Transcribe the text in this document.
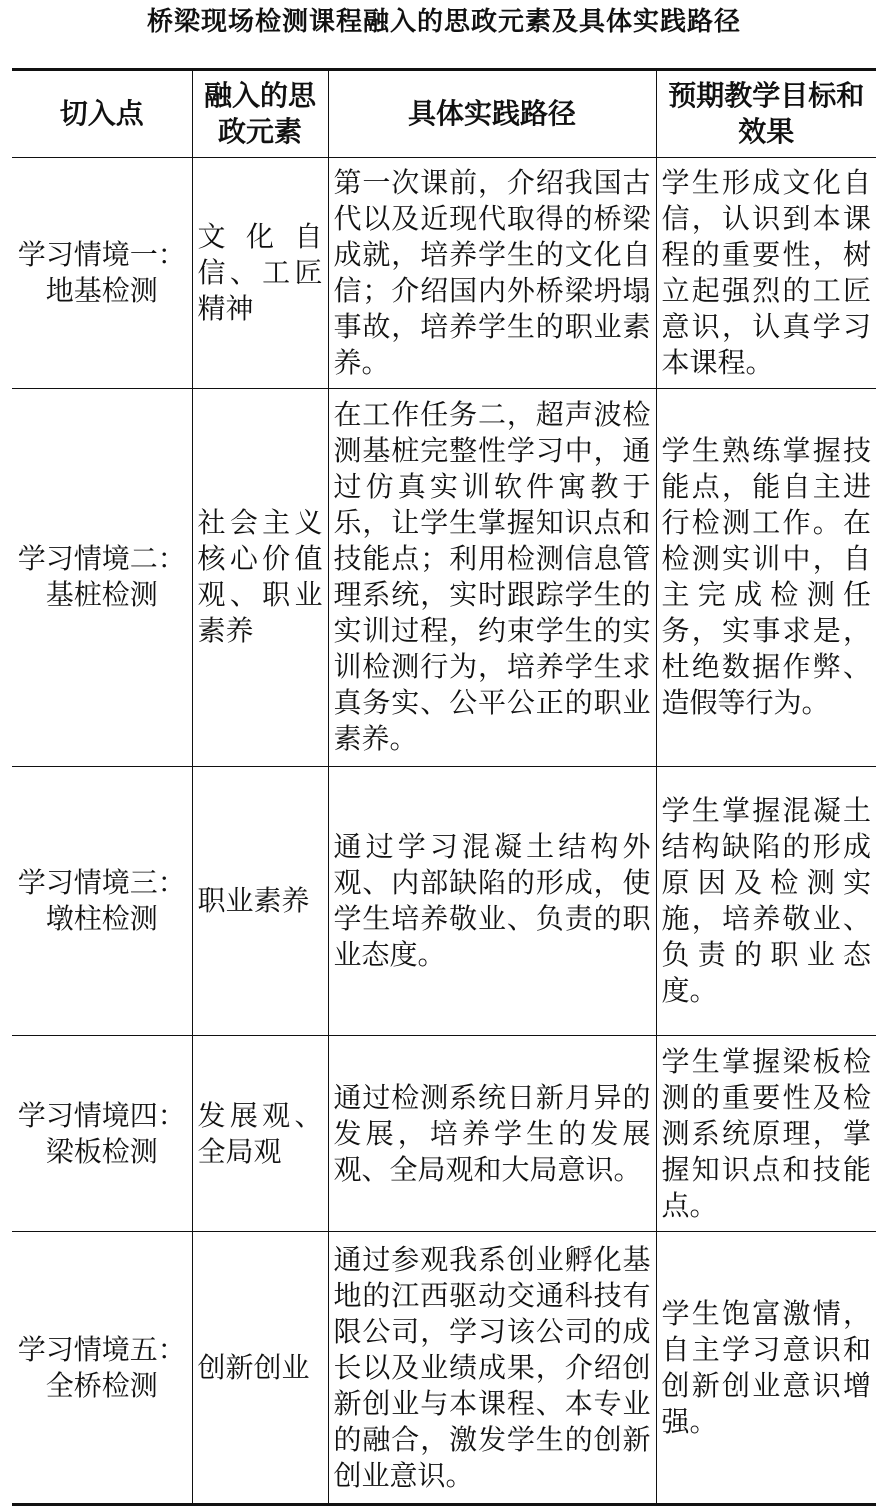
桥梁现场检测课程融入的思政元素及具体实践路径
切入点	融入的思政元素	具体实践路径	预期教学目标和效果
学习情境一：地基检测	文化自信、工匠精神	第一次课前，介绍我国古代以及近现代取得的桥梁成就，培养学生的文化自信；介绍国内外桥梁坍塌事故，培养学生的职业素养。	学生形成文化自信，认识到本课程的重要性，树立起强烈的工匠意识，认真学习本课程。
学习情境二：基桩检测	社会主义核心价值观、职业素养	在工作任务二，超声波检测基桩完整性学习中，通过仿真实训软件寓教于乐，让学生掌握知识点和技能点；利用检测信息管理系统，实时跟踪学生的实训过程，约束学生的实训检测行为，培养学生求真务实、公平公正的职业素养。	学生熟练掌握技能点，能自主进行检测工作。在检测实训中，自主完成检测任务，实事求是，杜绝数据作弊、造假等行为。
学习情境三：墩柱检测	职业素养	通过学习混凝土结构外观、内部缺陷的形成，使学生培养敬业、负责的职业态度。	学生掌握混凝土结构缺陷的形成原因及检测实施，培养敬业、负责的职业态度。
学习情境四：梁板检测	发展观、全局观	通过检测系统日新月异的发展，培养学生的发展观、全局观和大局意识。	学生掌握梁板检测的重要性及检测系统原理，掌握知识点和技能点。
学习情境五：全桥检测	创新创业	通过参观我系创业孵化基地的江西驱动交通科技有限公司，学习该公司的成长以及业绩成果，介绍创新创业与本课程、本专业的融合，激发学生的创新创业意识。	学生饱富激情，自主学习意识和创新创业意识增强。
